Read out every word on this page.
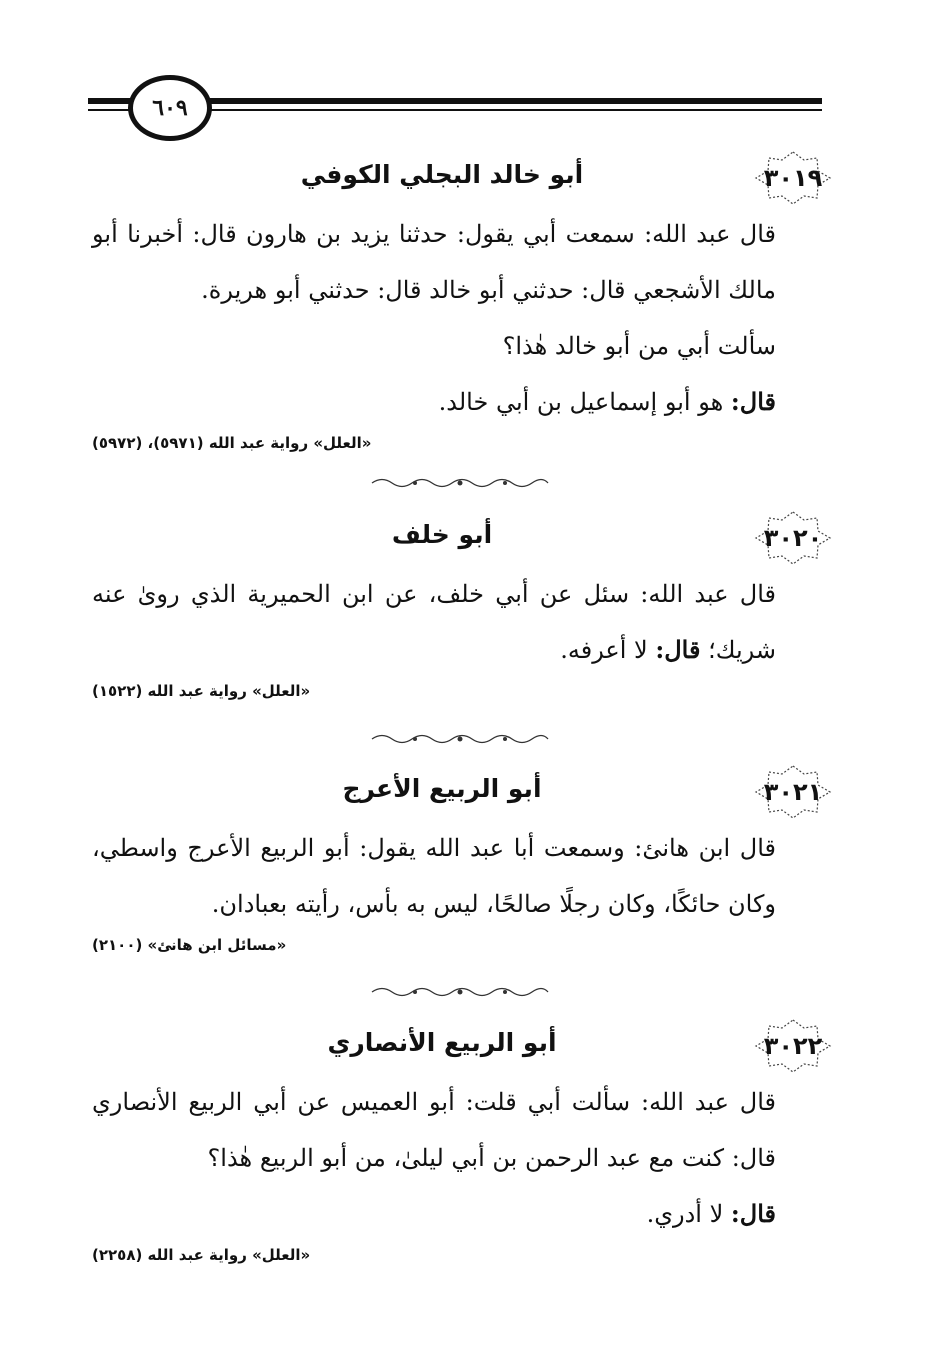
٦٠٩
٣٠١٩
أبو خالد البجلي الكوفي

قال عبد الله: سمعت أبي يقول: حدثنا يزيد بن هارون قال: أخبرنا أبو مالك الأشجعي قال: حدثني أبو خالد قال: حدثني أبو هريرة.

سألت أبي من أبو خالد هٰذا؟

قال: هو أبو إسماعيل بن أبي خالد.

«العلل» رواية عبد الله (٥٩٧١)، (٥٩٧٢)
٣٠٢٠
أبو خلف

قال عبد الله: سئل عن أبي خلف، عن ابن الحميرية الذي روىٰ عنه شريك؛ قال: لا أعرفه.

«العلل» رواية عبد الله (١٥٢٢)
٣٠٢١
أبو الربيع الأعرج

قال ابن هانئ: وسمعت أبا عبد الله يقول: أبو الربيع الأعرج واسطي، وكان حائكًا، وكان رجلًا صالحًا، ليس به بأس، رأيته بعبادان.

«مسائل ابن هانئ» (٢١٠٠)
٣٠٢٢
أبو الربيع الأنصاري

قال عبد الله: سألت أبي قلت: أبو العميس عن أبي الربيع الأنصاري قال: كنت مع عبد الرحمن بن أبي ليلىٰ، من أبو الربيع هٰذا؟

قال: لا أدري.

«العلل» رواية عبد الله (٢٢٥٨)
